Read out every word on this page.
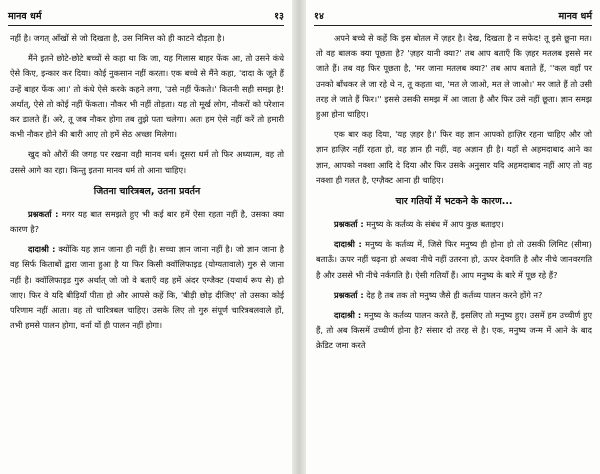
मानव धर्म	१३

नहीं है। जगत् आँखों से जो दिखता है, उस निमित्त को ही काटने दौड़ता है।

मैंने इतने छोटे-छोटे बच्चों से कहा था कि जा, यह गिलास बाहर फेंक आ, तो उसने कंधे ऐसे किए, इन्कार कर दिया। कोई नुकसान नहीं करता। एक बच्चे से मैंने कहा, 'दादा के जूते हैं उन्हें बाहर फेंक आ।' तो कंधे ऐसे करके कहने लगा, 'उसे नहीं फेंकते।' कितनी सही समझ है! अर्थात्, ऐसे तो कोई नहीं फेंकता। नौकर भी नहीं तोड़ता। यह तो मूर्ख लोग, नौकरों को परेशान कर डालते हैं। अरे, तू जब नौकर होगा तब तुझे पता चलेगा। अतः हम ऐसे नहीं करें तो हमारी कभी नौकर होने की बारी आए तो हमें सेठ अच्छा मिलेगा।

खुद को औरों की जगह पर रखना वही मानव धर्म। दूसरा धर्म तो फिर अध्यात्म, वह तो उससे आगे का रहा। किन्तु इतना मानव धर्म तो आना चाहिए।

जितना चारित्रबल, उतना प्रवर्तन

प्रश्नकर्ता : मगर यह बात समझते हुए भी कई बार हमें ऐसा रहता नहीं है, उसका क्या कारण है?

दादाश्री : क्योंकि यह ज्ञान जाना ही नहीं है। सच्चा ज्ञान जाना नहीं है। जो ज्ञान जाना है वह सिर्फ किताबों द्वारा जाना हुआ है या फिर किसी क्वॉलिफाइड (योग्यतावाले) गुरु से जाना नहीं है। क्वॉलिफाइड गुरु अर्थात् जो जो वे बताएँ वह हमें अंदर एग्जैक्ट (यथार्थ रूप से) हो जाए। फिर वे यदि बीड़ियाँ पीता हो और आपसे कहें कि, 'बीड़ी छोड़ दीजिए' तो उसका कोई परिणाम नहीं आता। वह तो चारित्रबल चाहिए। उसके लिए तो गुरु संपूर्ण चारित्रबलवाले हों, तभी हमसे पालन होगा, वर्ना यों ही पालन नहीं होगा।

१४	मानव धर्म

अपने बच्चे से कहें कि इस बोतल में ज़हर है। देख, दिखता है न सफेद! तू इसे छूना मत। तो वह बालक क्या पूछता है? 'ज़हर यानी क्या?' तब आप बताएँ कि ज़हर मतलब इससे मर जाते हैं। तब वह फिर पूछता है, 'मर जाना मतलब क्या?' तब आप बताते हैं, ''कल वहाँ पर उनको बाँधकर ले जा रहे थे न, तू कहता था, 'मत ले जाओ, मत ले जाओ।' मर जाते हैं तो उसी तरह ले जाते हैं फिर।'' इससे उसकी समझ में आ जाता है और फिर उसे नहीं छूता। ज्ञान समझ हुआ होना चाहिए।

एक बार कह दिया, 'यह ज़हर है।' फिर वह ज्ञान आपको हाज़िर रहना चाहिए और जो ज्ञान हाज़िर नहीं रहता हो, वह ज्ञान ही नहीं, वह अज्ञान ही है। यहाँ से अहमदाबाद आने का ज्ञान, आपको नक्शा आदि दे दिया और फिर उसके अनुसार यदि अहमदाबाद नहीं आए तो वह नक्शा ही गलत है, एग्ज़ैक्ट आना ही चाहिए।

चार गतियों में भटकने के कारण...

प्रश्नकर्ता : मनुष्य के कर्तव्य के संबंध में आप कुछ बताइए।

दादाश्री : मनुष्य के कर्तव्य में, जिसे फिर मनुष्य ही होना हो तो उसकी लिमिट (सीमा) बताऊँ। ऊपर नहीं चढ़ना हो अथवा नीचे नहीं उतरना हो, ऊपर देवगति है और नीचे जानवरगति है और उससे भी नीचे नर्कगति है। ऐसी गतियाँ हैं। आप मनुष्य के बारे में पूछ रहे हैं?

प्रश्नकर्ता : देह है तब तक तो मनुष्य जैसे ही कर्तव्य पालन करने होंगे न?

दादाश्री : मनुष्य के कर्तव्य पालन करते हैं, इसलिए तो मनुष्य हुए। उसमें हम उच्चीर्ण हुए हैं, तो अब किसमें उच्चीर्ण होना है? संसार दो तरह से है। एक, मनुष्य जन्म में आने के बाद क्रेडिट जमा करते
